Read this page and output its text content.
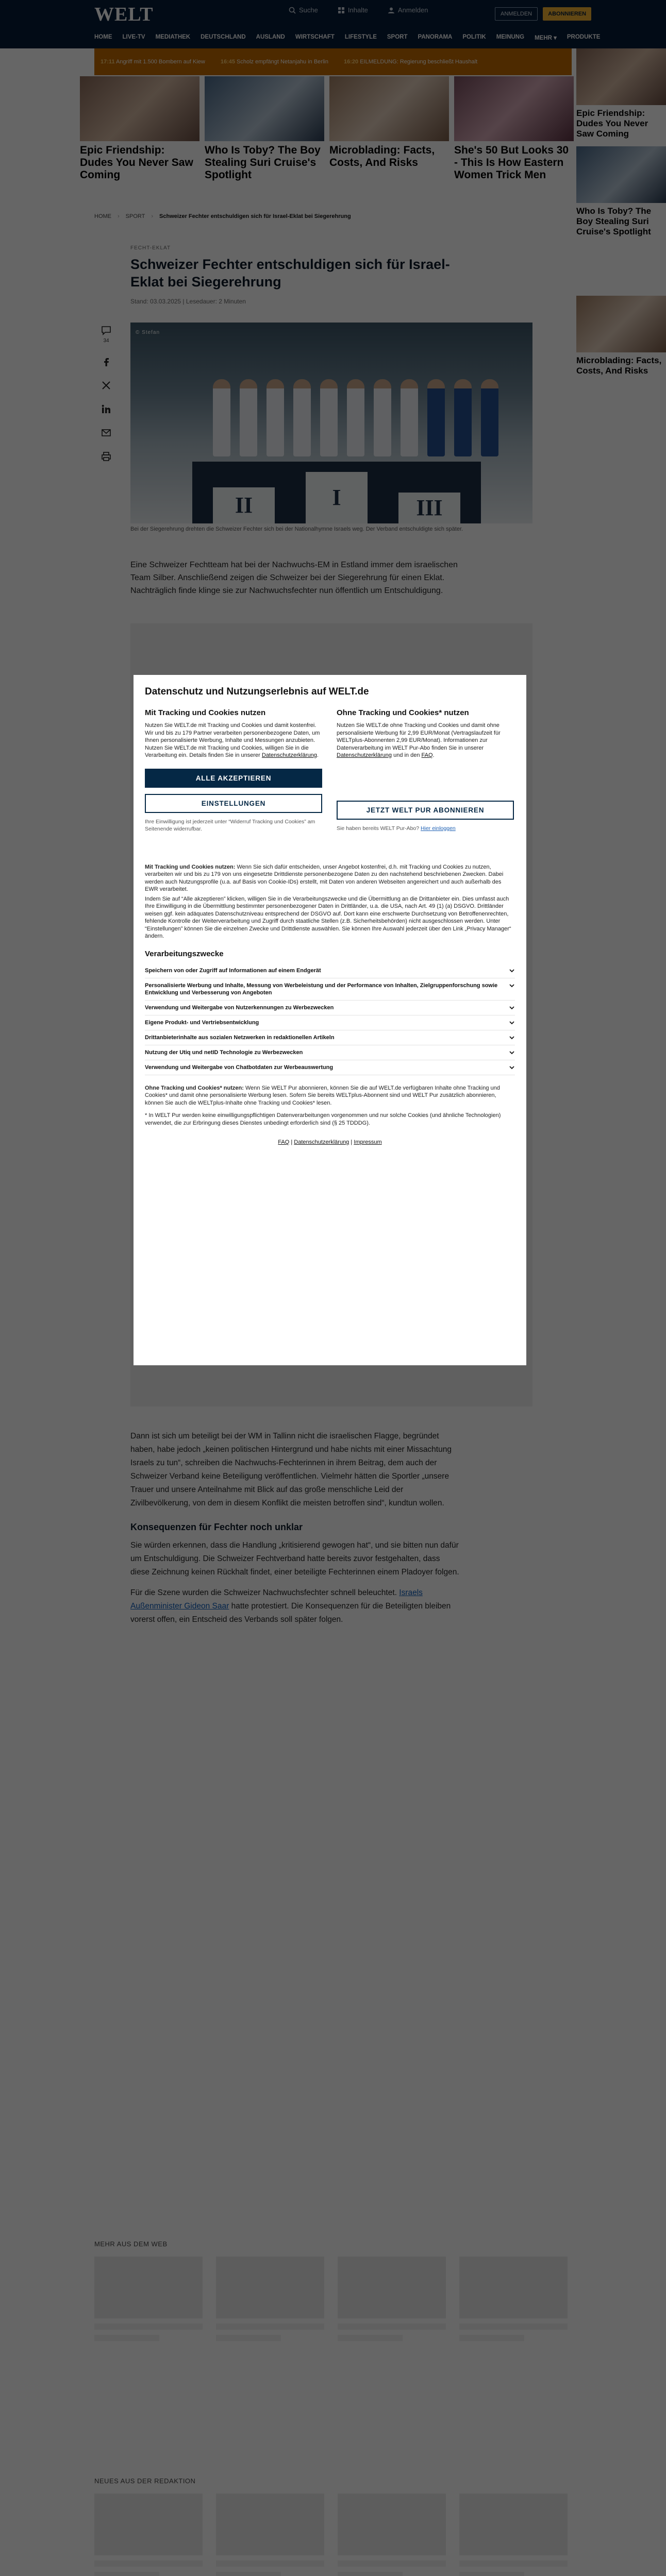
Datenschutz und Nutzungserlebnis auf WELT.de
Mit Tracking und Cookies nutzen

Nutzen Sie WELT.de mit Tracking und Cookies und damit kostenfrei. Wir und bis zu 179 Partner verarbeiten personenbezogene Daten, um Ihnen personalisierte Werbung, Inhalte und Messungen anzubieten. Nutzen Sie WELT.de mit Tracking und Cookies, willigen Sie in die Verarbeitung ein. Details finden Sie in unserer Datenschutzerklärung.

ALLE AKZEPTIEREN
EINSTELLUNGEN
Ihre Einwilligung ist jederzeit unter “Widerruf Tracking und Cookies” am Seitenende widerrufbar.
Ohne Tracking und Cookies* nutzen

Nutzen Sie WELT.de ohne Tracking und Cookies und damit ohne personalisierte Werbung für 2,99 EUR/Monat (Vertragslaufzeit für WELTplus-Abonnenten 2,99 EUR/Monat). Informationen zur Datenverarbeitung im WELT Pur-Abo finden Sie in unserer Datenschutzerklärung und in den FAQ.

JETZT WELT PUR ABONNIEREN
Sie haben bereits WELT Pur-Abo? Hier einloggen

Mit Tracking und Cookies nutzen: Wenn Sie sich dafür entscheiden, unser Angebot kostenfrei, d.h. mit Tracking und Cookies zu nutzen, verarbeiten wir und bis zu 179 von uns eingesetzte Drittdienste personenbezogene Daten zu den nachstehend beschriebenen Zwecken. Dabei werden auch Nutzungsprofile (u.a. auf Basis von Cookie-IDs) erstellt, mit Daten von anderen Webseiten angereichert und auch außerhalb des EWR verarbeitet.

Indem Sie auf “Alle akzeptieren” klicken, willigen Sie in die Verarbeitungszwecke und die Übermittlung an die Drittanbieter ein. Dies umfasst auch Ihre Einwilligung in die Übermittlung bestimmter personenbezogener Daten in Drittländer, u.a. die USA, nach Art. 49 (1) (a) DSGVO. Drittländer weisen ggf. kein adäquates Datenschutzniveau entsprechend der DSGVO auf. Dort kann eine erschwerte Durchsetzung von Betroffenenrechten, fehlende Kontrolle der Weiterverarbeitung und Zugriff durch staatliche Stellen (z.B. Sicherheitsbehörden) nicht ausgeschlossen werden. Unter “Einstellungen” können Sie die einzelnen Zwecke und Drittdienste auswählen. Sie können Ihre Auswahl jederzeit über den Link „Privacy Manager“ ändern.

Verarbeitungszwecke
Speichern von oder Zugriff auf Informationen auf einem Endgerät
Personalisierte Werbung und Inhalte, Messung von Werbeleistung und der Performance von Inhalten, Zielgruppenforschung sowie Entwicklung und Verbesserung von Angeboten
Verwendung und Weitergabe von Nutzerkennungen zu Werbezwecken
Eigene Produkt- und Vertriebsentwicklung
Drittanbieterinhalte aus sozialen Netzwerken in redaktionellen Artikeln
Nutzung der Utiq und netID Technologie zu Werbezwecken
Verwendung und Weitergabe von Chatbotdaten zur Werbeauswertung

Ohne Tracking und Cookies* nutzen: Wenn Sie WELT Pur abonnieren, können Sie die auf WELT.de verfügbaren Inhalte ohne Tracking und Cookies* und damit ohne personalisierte Werbung lesen. Sofern Sie bereits WELTplus-Abonnent sind und WELT Pur zusätzlich abonnieren, können Sie auch die WELTplus-Inhalte ohne Tracking und Cookies* lesen.

* In WELT Pur werden keine einwilligungspflichtigen Datenverarbeitungen vorgenommen und nur solche Cookies (und ähnliche Technologien) verwendet, die zur Erbringung dieses Dienstes unbedingt erforderlich sind (§ 25 TDDDG).

FAQ | Datenschutzerklärung | Impressum
